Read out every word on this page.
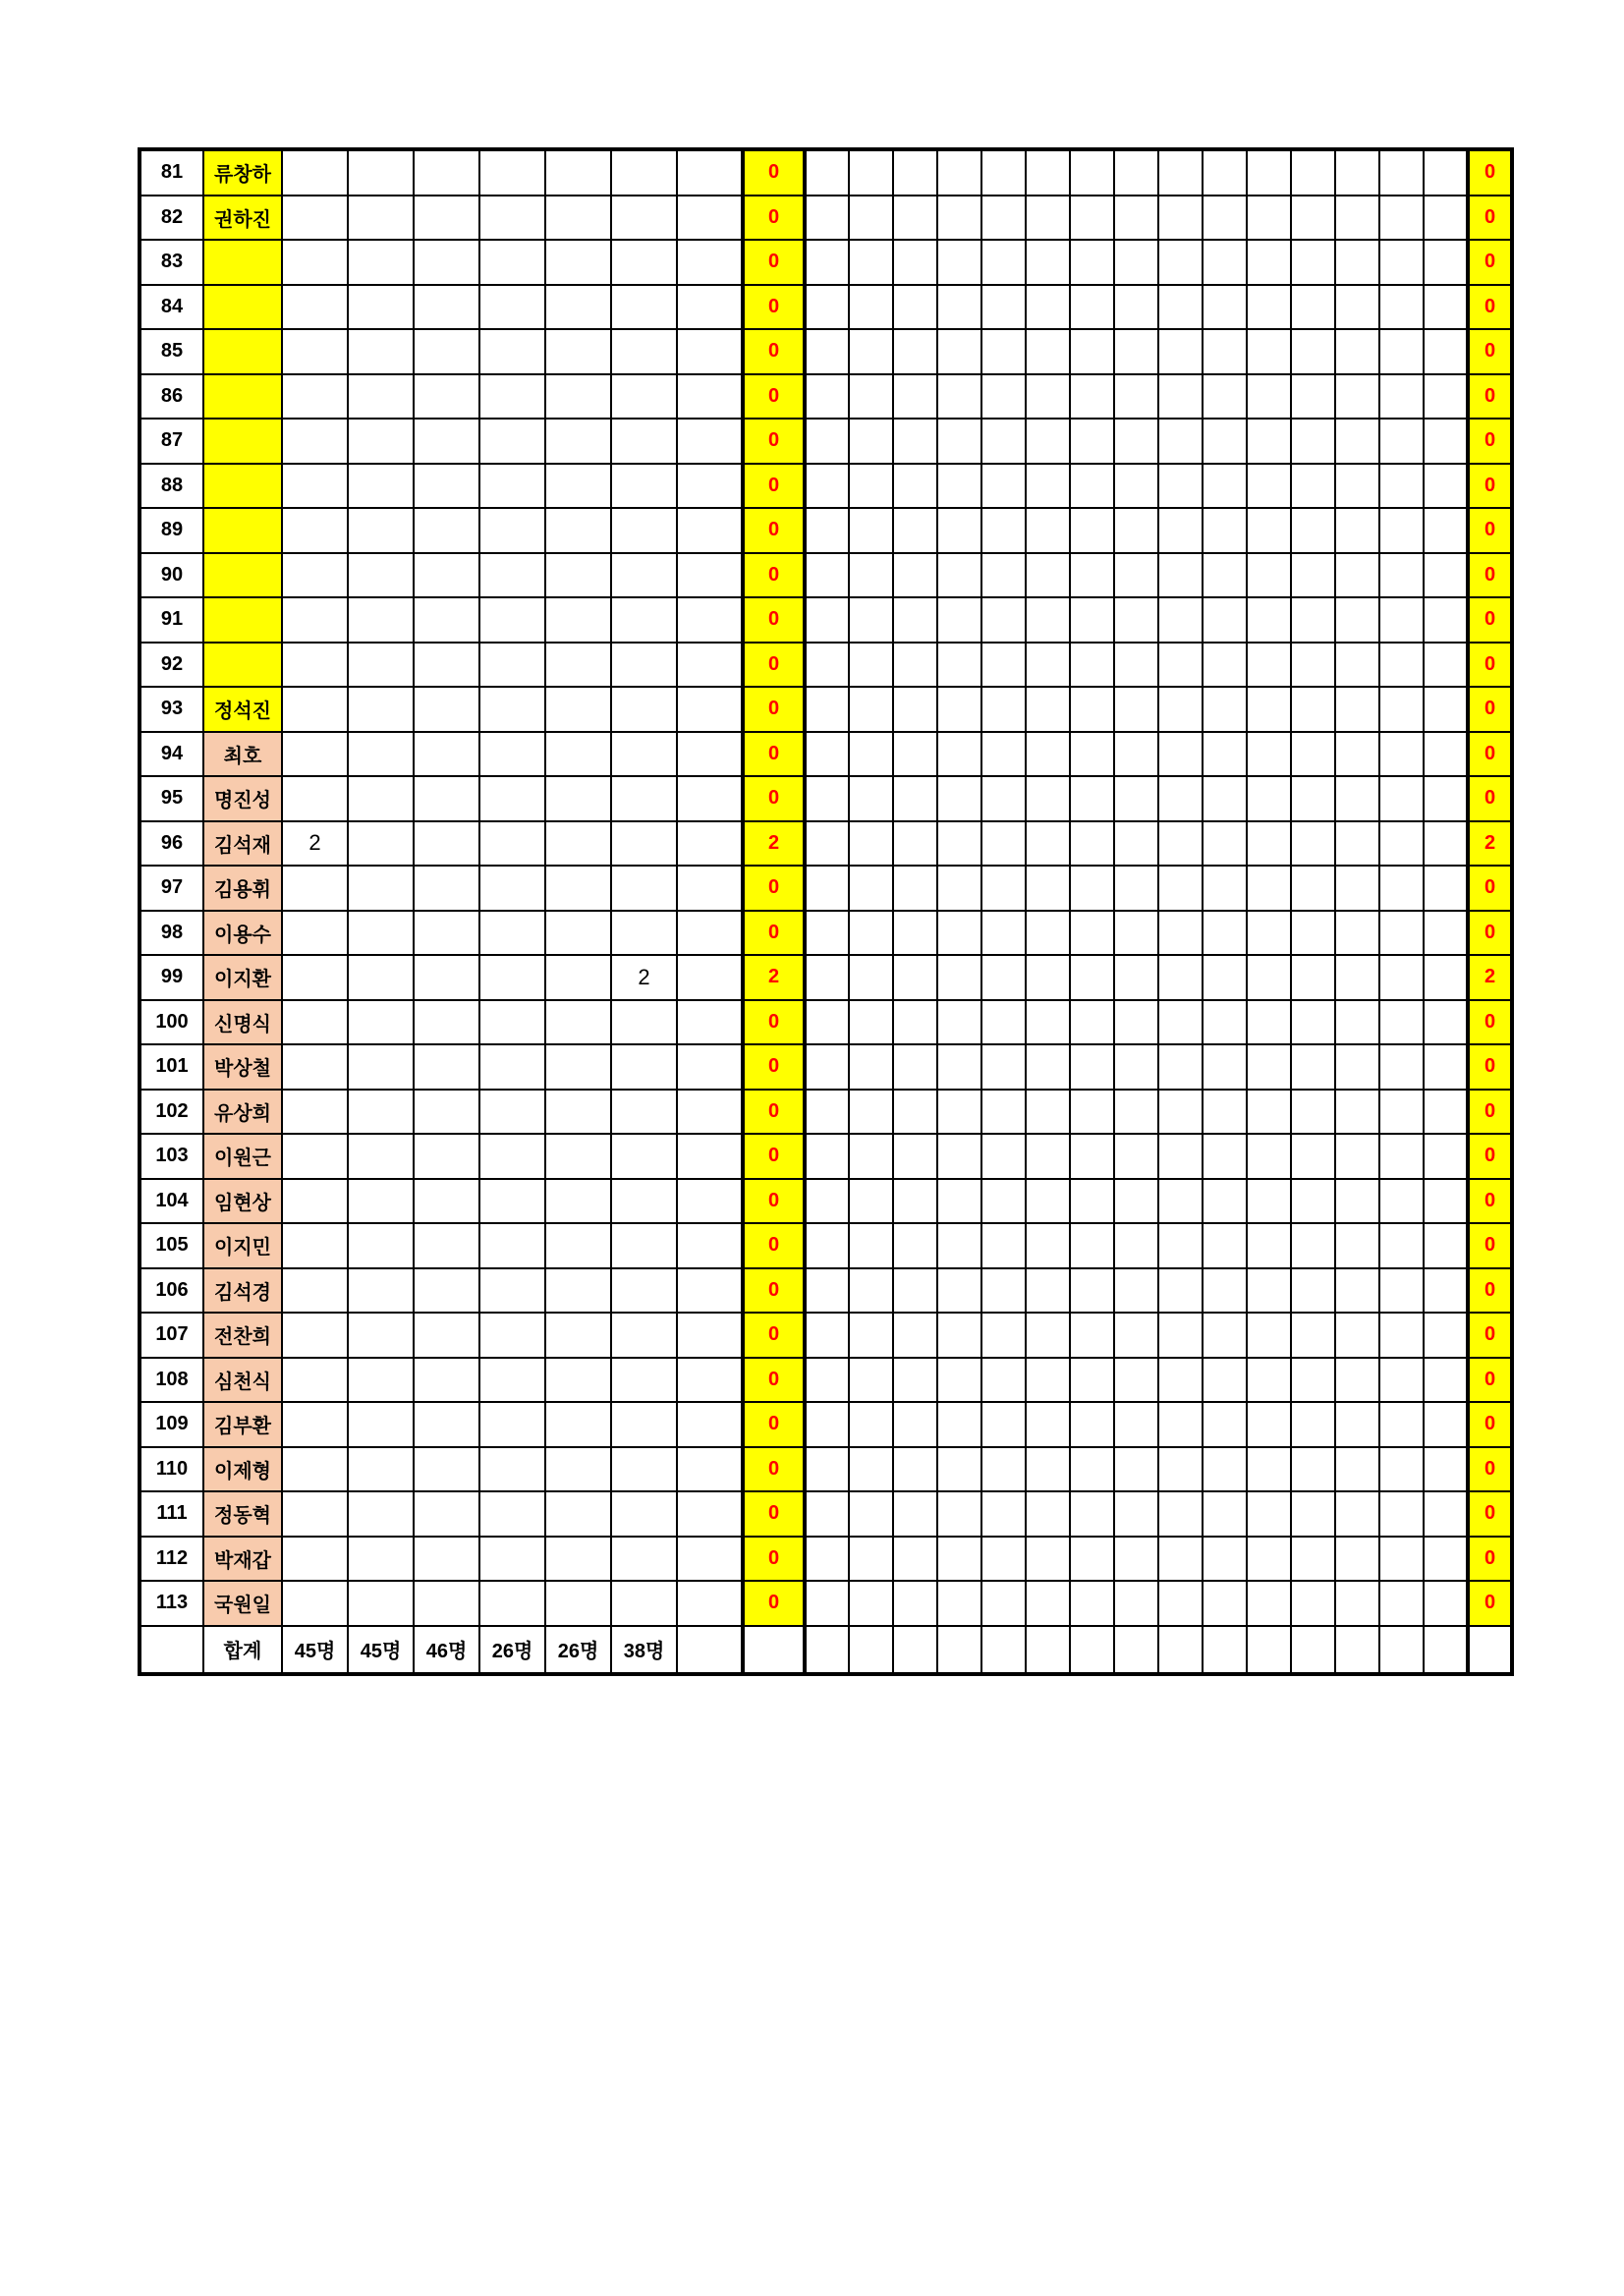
81	류창하								0																0
82	권하진								0																0
83									0																0
84									0																0
85									0																0
86									0																0
87									0																0
88									0																0
89									0																0
90									0																0
91									0																0
92									0																0
93	정석진								0																0
94	최호								0																0
95	명진성								0																0
96	김석재	2							2																2
97	김용휘								0																0
98	이용수								0																0
99	이지환						2		2																2
100	신명식								0																0
101	박상철								0																0
102	유상희								0																0
103	이원근								0																0
104	임현상								0																0
105	이지민								0																0
106	김석경								0																0
107	전찬희								0																0
108	심천식								0																0
109	김부환								0																0
110	이제형								0																0
111	정동혁								0																0
112	박재갑								0																0
113	국원일								0																0
	합계	45명	45명	46명	26명	26명	38명																		
